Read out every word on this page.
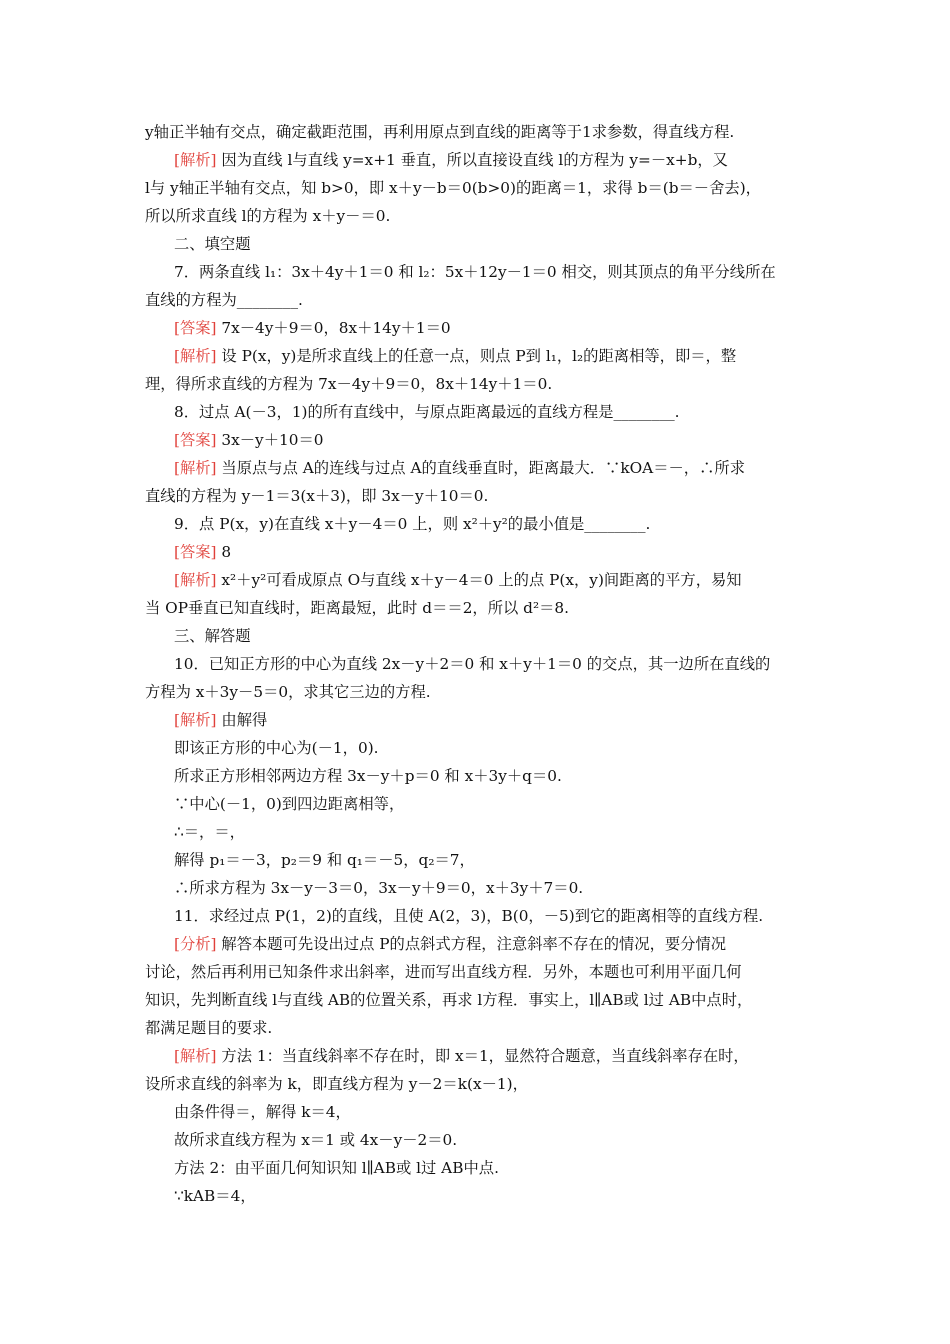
y轴正半轴有交点，确定截距范围，再利用原点到直线的距离等于1求参数，得直线方程.
[解析] 因为直线 l与直线 y=x+1 垂直，所以直接设直线 l的方程为 y=－x+b，又
l与 y轴正半轴有交点，知 b>0，即 x＋y－b＝0(b>0)的距离＝1，求得 b＝(b＝－舍去)，
所以所求直线 l的方程为 x＋y－＝0.
二、填空题
7．两条直线 l₁：3x＋4y＋1＝0 和 l₂：5x＋12y－1＝0 相交，则其顶点的角平分线所在
直线的方程为________.
[答案] 7x－4y＋9＝0，8x＋14y＋1＝0
[解析] 设 P(x，y)是所求直线上的任意一点，则点 P到 l₁，l₂的距离相等，即＝，整
理，得所求直线的方程为 7x－4y＋9＝0，8x＋14y＋1＝0.
8．过点 A(－3，1)的所有直线中，与原点距离最远的直线方程是________.
[答案] 3x－y＋10＝0
[解析] 当原点与点 A的连线与过点 A的直线垂直时，距离最大．∵kOA＝－，∴所求
直线的方程为 y－1＝3(x＋3)，即 3x－y＋10＝0.
9．点 P(x，y)在直线 x＋y－4＝0 上，则 x²＋y²的最小值是________.
[答案] 8
[解析] x²＋y²可看成原点 O与直线 x＋y－4＝0 上的点 P(x，y)间距离的平方，易知
当 OP垂直已知直线时，距离最短，此时 d＝＝2，所以 d²＝8.
三、解答题
10．已知正方形的中心为直线 2x－y＋2＝0 和 x＋y＋1＝0 的交点，其一边所在直线的
方程为 x＋3y－5＝0，求其它三边的方程.
[解析] 由解得
即该正方形的中心为(－1，0).
所求正方形相邻两边方程 3x－y＋p＝0 和 x＋3y＋q＝0.
∵中心(－1，0)到四边距离相等，
∴＝，＝，
解得 p₁＝－3，p₂＝9 和 q₁＝－5，q₂＝7，
∴所求方程为 3x－y－3＝0，3x－y＋9＝0，x＋3y＋7＝0.
11．求经过点 P(1，2)的直线，且使 A(2，3)，B(0，－5)到它的距离相等的直线方程.
[分析] 解答本题可先设出过点 P的点斜式方程，注意斜率不存在的情况，要分情况
讨论，然后再利用已知条件求出斜率，进而写出直线方程．另外，本题也可利用平面几何
知识，先判断直线 l与直线 AB的位置关系，再求 l方程．事实上，l∥AB或 l过 AB中点时，
都满足题目的要求.
[解析] 方法 1：当直线斜率不存在时，即 x＝1，显然符合题意，当直线斜率存在时，
设所求直线的斜率为 k，即直线方程为 y－2＝k(x－1)，
由条件得＝，解得 k＝4，
故所求直线方程为 x＝1 或 4x－y－2＝0.
方法 2：由平面几何知识知 l∥AB或 l过 AB中点.
∵kAB＝4，
